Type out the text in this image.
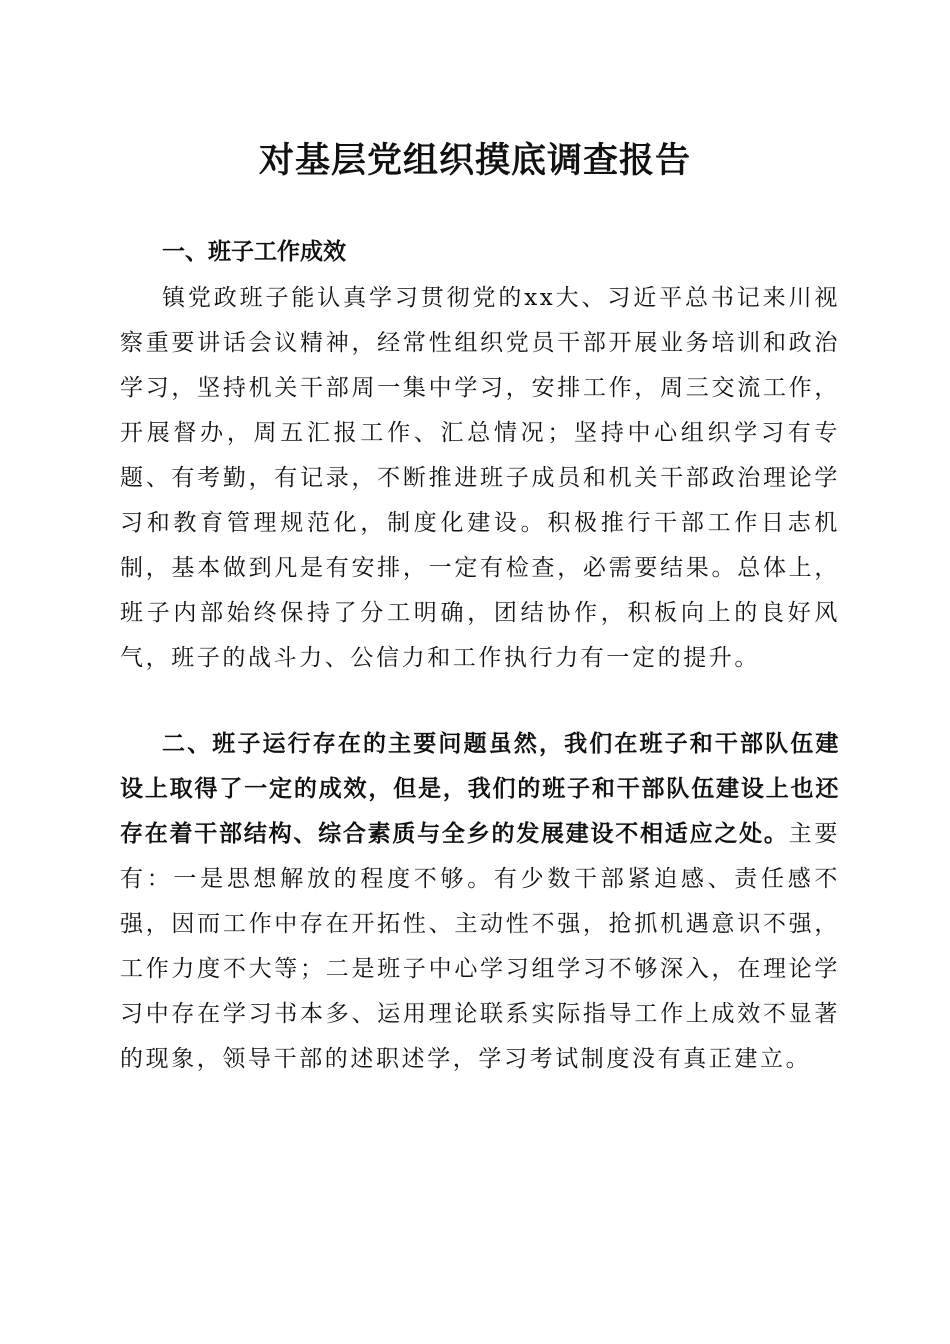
对基层党组织摸底调查报告
一、班子工作成效

镇党政班子能认真学习贯彻党的xx大、习近平总书记来川视察重要讲话会议精神，经常性组织党员干部开展业务培训和政治学习，坚持机关干部周一集中学习，安排工作，周三交流工作，开展督办，周五汇报工作、汇总情况；坚持中心组织学习有专题、有考勤，有记录，不断推进班子成员和机关干部政治理论学习和教育管理规范化，制度化建设。积极推行干部工作日志机制，基本做到凡是有安排，一定有检查，必需要结果。总体上，班子内部始终保持了分工明确，团结协作，积板向上的良好风气，班子的战斗力、公信力和工作执行力有一定的提升。

二、班子运行存在的主要问题虽然，我们在班子和干部队伍建设上取得了一定的成效，但是，我们的班子和干部队伍建设上也还存在着干部结构、综合素质与全乡的发展建设不相适应之处。主要有：一是思想解放的程度不够。有少数干部紧迫感、责任感不强，因而工作中存在开拓性、主动性不强，抢抓机遇意识不强，工作力度不大等；二是班子中心学习组学习不够深入，在理论学习中存在学习书本多、运用理论联系实际指导工作上成效不显著的现象，领导干部的述职述学，学习考试制度没有真正建立。
